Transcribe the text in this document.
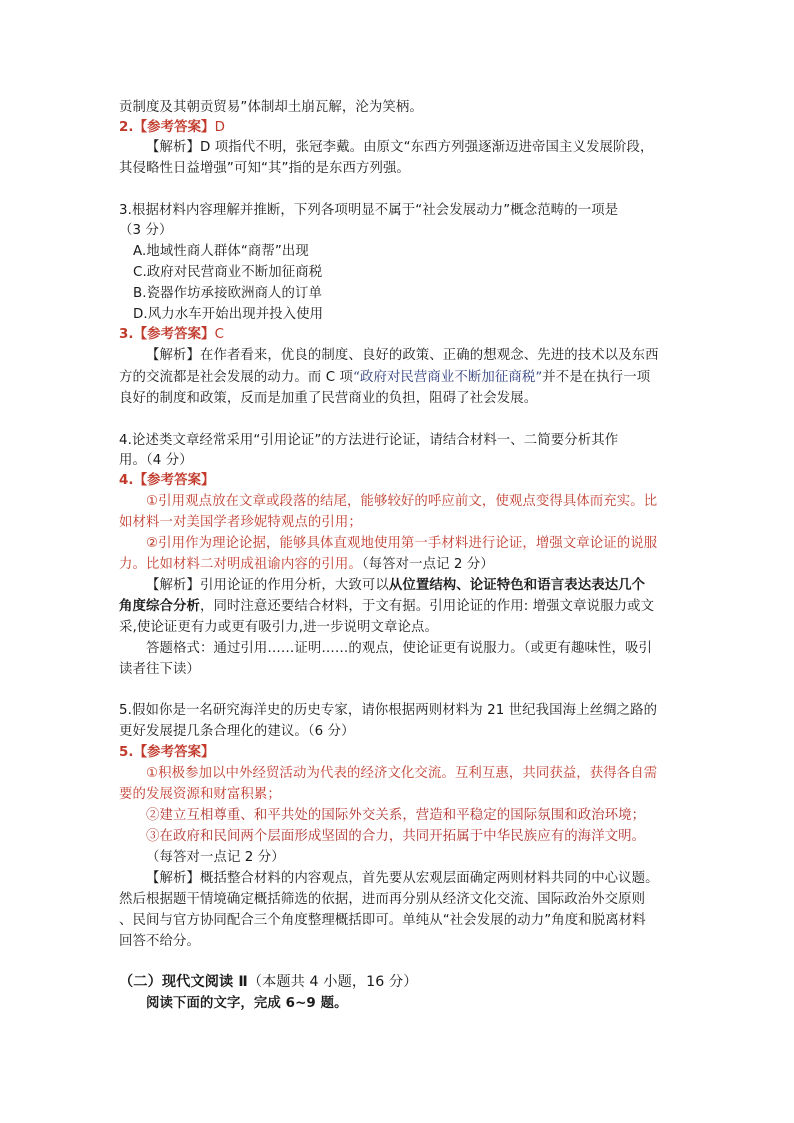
贡制度及其朝贡贸易”体制却土崩瓦解，沦为笑柄。
2.【参考答案】D
【解析】D 项指代不明，张冠李戴。由原文“东西方列强逐渐迈进帝国主义发展阶段，
其侵略性日益增强”可知“其”指的是东西方列强。
3.根据材料内容理解并推断，下列各项明显不属于“社会发展动力”概念范畴的一项是
（3 分）
A.地域性商人群体“商帮”出现
C.政府对民营商业不断加征商税
B.瓷器作坊承接欧洲商人的订单
D.风力水车开始出现并投入使用
3.【参考答案】C
【解析】在作者看来，优良的制度、良好的政策、正确的想观念、先进的技术以及东西
方的交流都是社会发展的动力。而 C 项“政府对民营商业不断加征商税”并不是在执行一项
良好的制度和政策，反而是加重了民营商业的负担，阻碍了社会发展。
4.论述类文章经常采用“引用论证”的方法进行论证，请结合材料一、二简要分析其作
用。（4 分）
4.【参考答案】
①引用观点放在文章或段落的结尾，能够较好的呼应前文，使观点变得具体而充实。比
如材料一对美国学者珍妮特观点的引用；
②引用作为理论论据，能够具体直观地使用第一手材料进行论证，增强文章论证的说服
力。比如材料二对明成祖谕内容的引用。（每答对一点记 2 分）
【解析】引用论证的作用分析，大致可以从位置结构、论证特色和语言表达表达几个
角度综合分析，同时注意还要结合材料，于文有据。引用论证的作用: 增强文章说服力或文
采,使论证更有力或更有吸引力,进一步说明文章论点。
答题格式：通过引用……证明……的观点，使论证更有说服力。（或更有趣味性，吸引
读者往下读）
5.假如你是一名研究海洋史的历史专家，请你根据两则材料为 21 世纪我国海上丝绸之路的
更好发展提几条合理化的建议。（6 分）
5.【参考答案】
①积极参加以中外经贸活动为代表的经济文化交流。互利互惠，共同获益，获得各自需
要的发展资源和财富积累；
②建立互相尊重、和平共处的国际外交关系，营造和平稳定的国际氛围和政治环境；
③在政府和民间两个层面形成坚固的合力，共同开拓属于中华民族应有的海洋文明。
（每答对一点记 2 分）
【解析】概括整合材料的内容观点，首先要从宏观层面确定两则材料共同的中心议题。
然后根据题干情境确定概括筛选的依据，进而再分别从经济文化交流、国际政治外交原则
、民间与官方协同配合三个角度整理概括即可。单纯从“社会发展的动力”角度和脱离材料
回答不给分。
（二）现代文阅读 Ⅱ（本题共 4 小题，16 分）
阅读下面的文字，完成 6~9 题。
